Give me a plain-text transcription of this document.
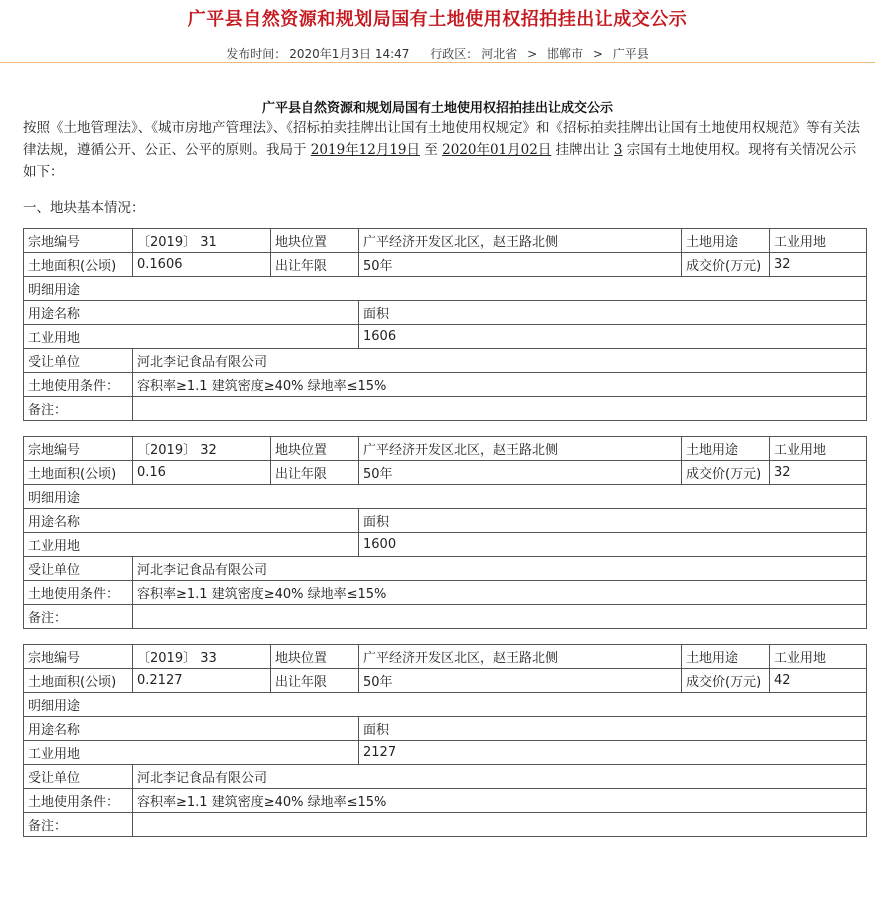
广平县自然资源和规划局国有土地使用权招拍挂出让成交公示
发布时间： 2020年1月3日 14:47 行政区： 河北省 > 邯郸市 > 广平县
广平县自然资源和规划局国有土地使用权招拍挂出让成交公示
按照《土地管理法》、《城市房地产管理法》、《招标拍卖挂牌出让国有土地使用权规定》和《招标拍卖挂牌出让国有土地使用权规范》等有关法律法规，遵循公开、公正、公平的原则。我局于 2019年12月19日 至 2020年01月02日 挂牌出让 3 宗国有土地使用权。现将有关情况公示如下：
一、地块基本情况：
宗地编号	〔2019〕 31	地块位置	广平经济开发区北区，赵王路北侧	土地用途	工业用地
土地面积(公顷)	0.1606	出让年限	50年	成交价(万元)	32
明细用途					
用途名称			面积		
工业用地			1606		
受让单位	河北李记食品有限公司				
土地使用条件：	容积率≥1.1 建筑密度≥40% 绿地率≤15%				
备注：					
宗地编号	〔2019〕 32	地块位置	广平经济开发区北区，赵王路北侧	土地用途	工业用地
土地面积(公顷)	0.16	出让年限	50年	成交价(万元)	32
明细用途					
用途名称			面积		
工业用地			1600		
受让单位	河北李记食品有限公司				
土地使用条件：	容积率≥1.1 建筑密度≥40% 绿地率≤15%				
备注：					
宗地编号	〔2019〕 33	地块位置	广平经济开发区北区，赵王路北侧	土地用途	工业用地
土地面积(公顷)	0.2127	出让年限	50年	成交价(万元)	42
明细用途					
用途名称			面积		
工业用地			2127		
受让单位	河北李记食品有限公司				
土地使用条件：	容积率≥1.1 建筑密度≥40% 绿地率≤15%				
备注：					
